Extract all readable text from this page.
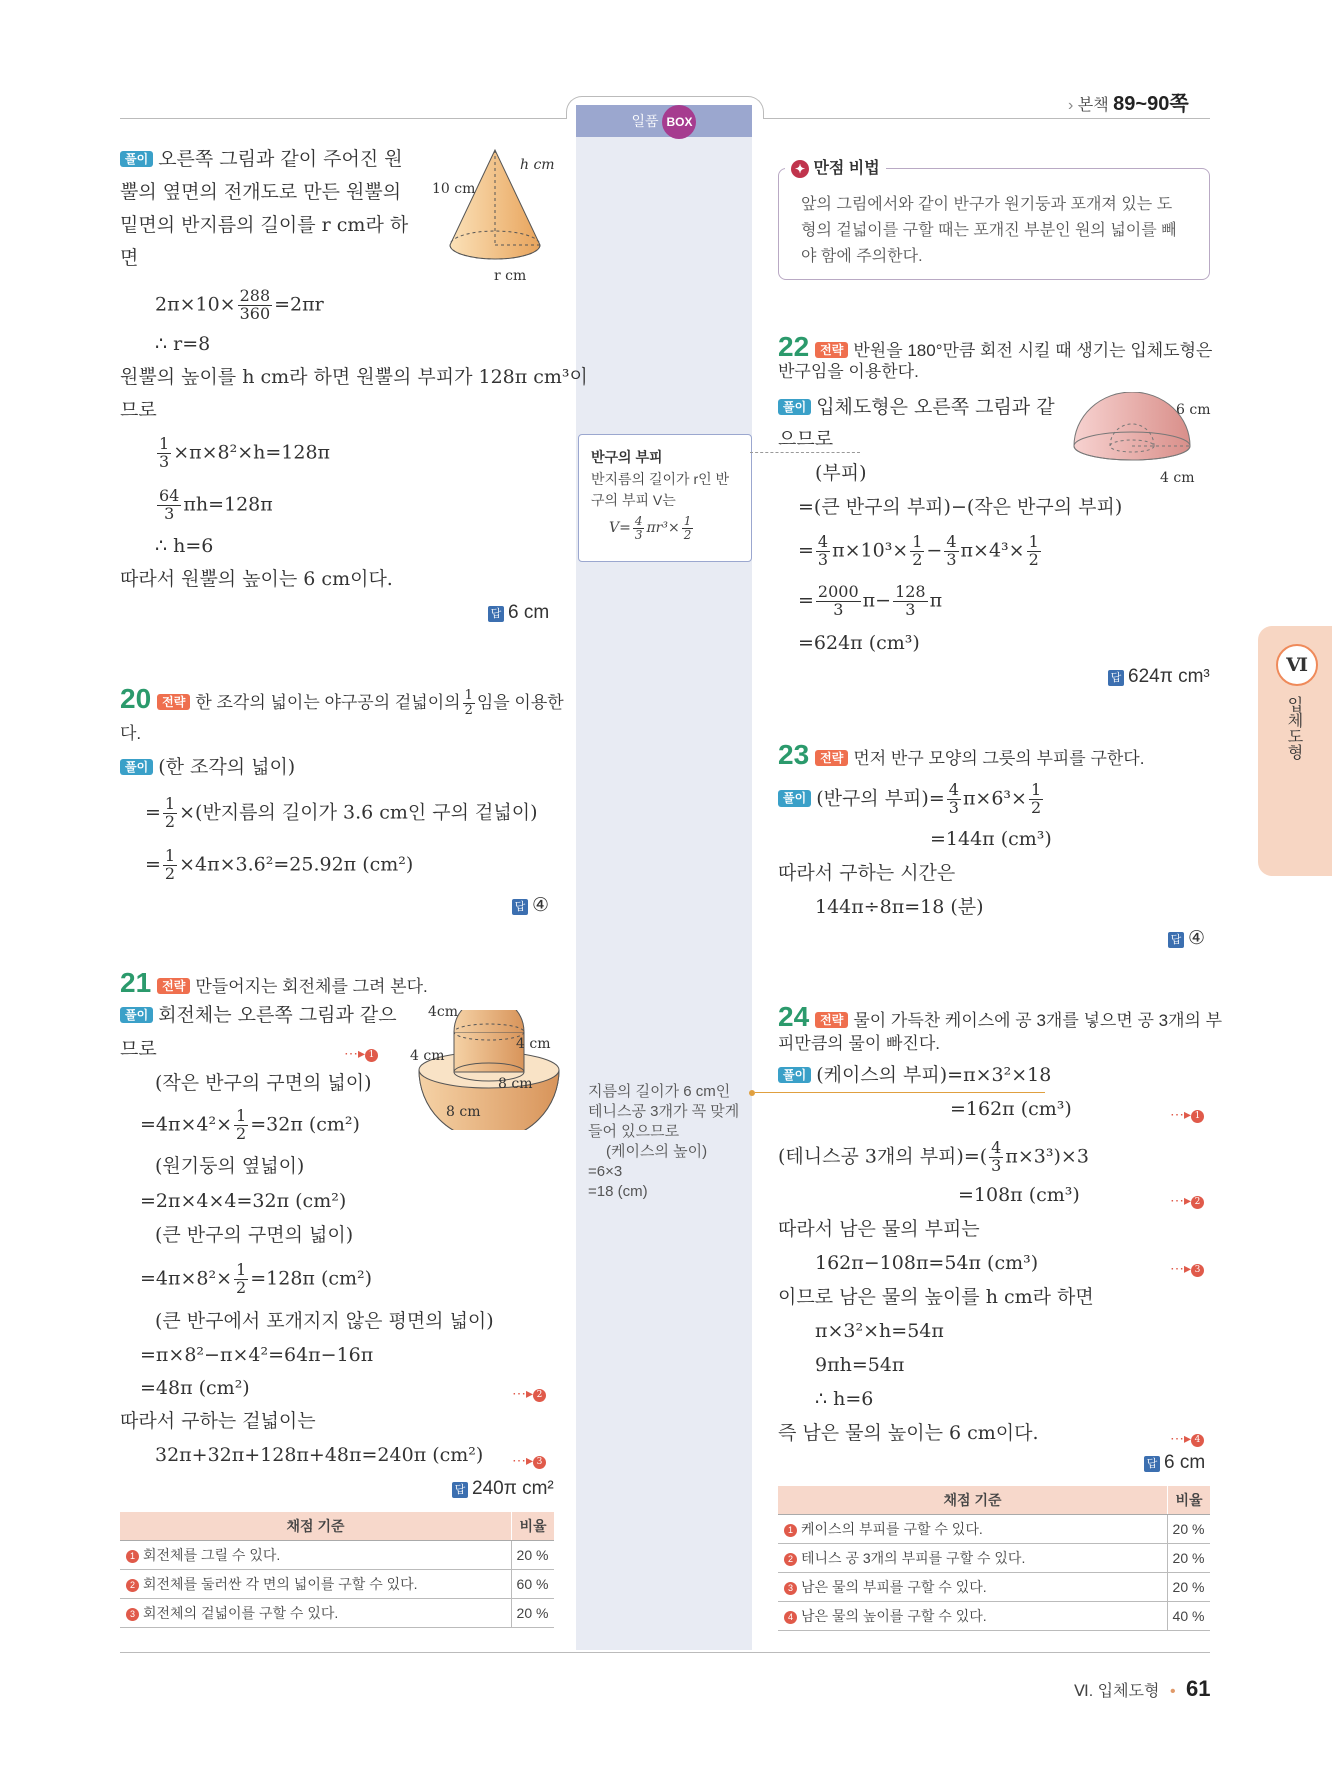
일품 BOX
› 본책 89~90쪽
풀이 오른쪽 그림과 같이 주어진 원
뿔의 옆면의 전개도로 만든 원뿔의
밑면의 반지름의 길이를 r cm라 하
면
h cm
10 cm
r cm
$2\pi\times 10\times \frac{288}{360} =2\pi r$
∴ r=8
원뿔의 높이를 h cm라 하면 원뿔의 부피가 128π cm³이
므로
$\frac{1}{3} \times\pi\times 8^2\times h=128\pi$
$\frac{64}{3} \pi h=128\pi$
∴ h=6
따라서 원뿔의 높이는 6 cm이다.
답 6 cm
20 전략 한 조각의 넓이는 야구공의 겉넓이의 $\frac{1}{2}$ 임을 이용한
다.
풀이 (한 조각의 넓이)
= $\frac{1}{2}$ ×(반지름의 길이가 3.6 cm인 구의 겉넓이)
= $\frac{1}{2} \times 4\pi\times 3.6^2=25.92\pi$ (cm²)
답 ④
21 전략 만들어지는 회전체를 그려 본다.
풀이 회전체는 오른쪽 그림과 같으
므로	⋯▸ 1
4cm
4 cm
4 cm
8 cm
8 cm
(작은 반구의 구면의 넓이)
$=4\pi\times 4^2\times \frac{1}{2} =32\pi$ (cm²)
(원기둥의 옆넓이)
=2π×4×4=32π (cm²)
(큰 반구의 구면의 넓이)
$=4\pi\times 8^2\times \frac{1}{2} =128\pi$ (cm²)
(큰 반구에서 포개지지 않은 평면의 넓이)
=π×8²−π×4²=64π−16π
=48π (cm²)	⋯▸ 2
따라서 구하는 겉넓이는
32π+32π+128π+48π=240π (cm²) ⋯▸ 3
답 240π cm²
채점 기준	비율
1 회전체를 그릴 수 있다.	20 %
2 회전체를 둘러싼 각 면의 넓이를 구할 수 있다.	60 %
3 회전체의 겉넓이를 구할 수 있다.	20 %
반구의 부피
반지름의 길이가 r인 반
구의 부피 V는
$V= \frac{4}{3} \pi r^3\times \frac{1}{2}$
지름의 길이가 6 cm인
테니스공 3개가 꼭 맞게
들어 있으므로
(케이스의 높이)
=6×3
=18 (cm)
✦ 만점 비법
앞의 그림에서와 같이 반구가 원기둥과 포개져 있는 도
형의 겉넓이를 구할 때는 포개진 부분인 원의 넓이를 빼
야 함에 주의한다.
22 전략 반원을 180°만큼 회전 시킬 때 생기는 입체도형은
반구임을 이용한다.
풀이 입체도형은 오른쪽 그림과 같
으므로
6 cm
4 cm
(부피)
=(큰 반구의 부피)−(작은 반구의 부피)
= $\frac{4}{3} \pi\times 10^3\times \frac{1}{2} - \frac{4}{3} \pi\times 4^3\times \frac{1}{2}$
= $\frac{2000}{3} \pi- \frac{128}{3}$ π
=624π (cm³)
답 624π cm³
23 전략 먼저 반구 모양의 그릇의 부피를 구한다.
풀이 (반구의 부피)= $\frac{4}{3} \pi\times 6^3\times \frac{1}{2}$
=144π (cm³)
따라서 구하는 시간은
144π÷8π=18 (분)
답 ④
24 전략 물이 가득찬 케이스에 공 3개를 넣으면 공 3개의 부
피만큼의 물이 빠진다.
풀이 (케이스의 부피)=π×3²×18
=162π (cm³)	⋯▸ 1
(테니스공 3개의 부피)=( $\frac{4}{3} \pi\times 3^3)\times 3$
=108π (cm³)	⋯▸ 2
따라서 남은 물의 부피는
162π−108π=54π (cm³)	⋯▸ 3
이므로 남은 물의 높이를 h cm라 하면
π×3²×h=54π
9πh=54π
∴ h=6
즉 남은 물의 높이는 6 cm이다.	⋯▸ 4
답 6 cm
채점 기준	비율
1 케이스의 부피를 구할 수 있다.	20 %
2 테니스 공 3개의 부피를 구할 수 있다.	20 %
3 남은 물의 부피를 구할 수 있다.	20 %
4 남은 물의 높이를 구할 수 있다.	40 %
Ⅵ
입체도형
Ⅵ. 입체도형 • 61
